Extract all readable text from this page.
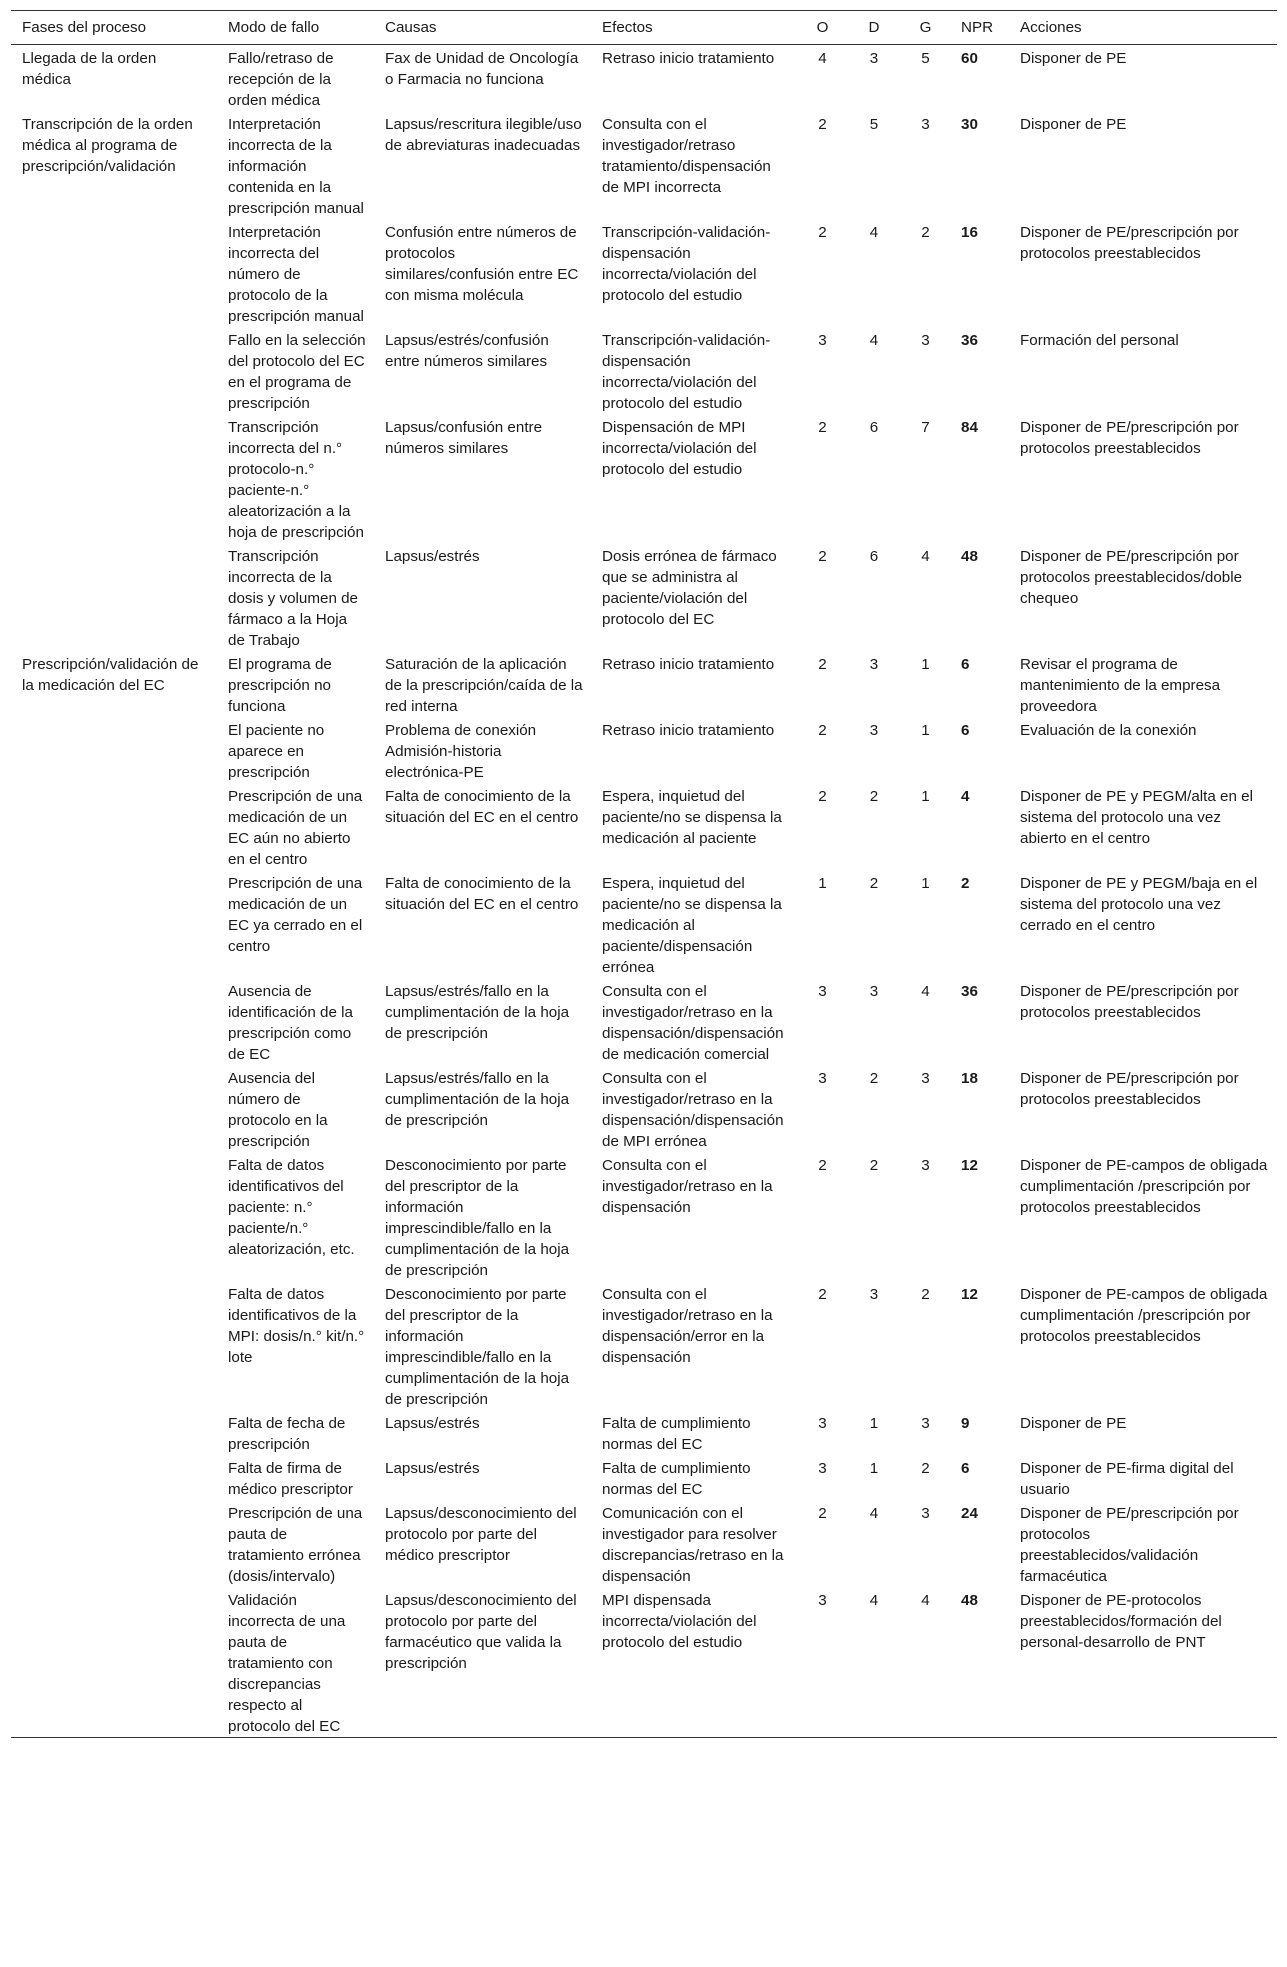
Fases del proceso	Modo de fallo	Causas	Efectos	O	D	G	NPR	Acciones
Llegada de la orden médica	Fallo/retraso de recepción de la orden médica	Fax de Unidad de Oncología o Farmacia no funciona	Retraso inicio tratamiento	4	3	5	60	Disponer de PE
Transcripción de la orden médica al programa de prescripción/validación	Interpretación incorrecta de la información contenida en la prescripción manual	Lapsus/rescritura ilegible/uso de abreviaturas inadecuadas	Consulta con el investigador/retraso tratamiento/dispensación de MPI incorrecta	2	5	3	30	Disponer de PE
	Interpretación incorrecta del número de protocolo de la prescripción manual	Confusión entre números de protocolos similares/confusión entre EC con misma molécula	Transcripción-validación-dispensación incorrecta/violación del protocolo del estudio	2	4	2	16	Disponer de PE/prescripción por protocolos preestablecidos
	Fallo en la selección del protocolo del EC en el programa de prescripción	Lapsus/estrés/confusión entre números similares	Transcripción-validación-dispensación incorrecta/violación del protocolo del estudio	3	4	3	36	Formación del personal
	Transcripción incorrecta del n.° protocolo-n.° paciente-n.° aleatorización a la hoja de prescripción	Lapsus/confusión entre números similares	Dispensación de MPI incorrecta/violación del protocolo del estudio	2	6	7	84	Disponer de PE/prescripción por protocolos preestablecidos
	Transcripción incorrecta de la dosis y volumen de fármaco a la Hoja de Trabajo	Lapsus/estrés	Dosis errónea de fármaco que se administra al paciente/violación del protocolo del EC	2	6	4	48	Disponer de PE/prescripción por protocolos preestablecidos/doble chequeo
Prescripción/validación de la medicación del EC	El programa de prescripción no funciona	Saturación de la aplicación de la prescripción/caída de la red interna	Retraso inicio tratamiento	2	3	1	6	Revisar el programa de mantenimiento de la empresa proveedora
	El paciente no aparece en prescripción	Problema de conexión Admisión-historia electrónica-PE	Retraso inicio tratamiento	2	3	1	6	Evaluación de la conexión
	Prescripción de una medicación de un EC aún no abierto en el centro	Falta de conocimiento de la situación del EC en el centro	Espera, inquietud del paciente/no se dispensa la medicación al paciente	2	2	1	4	Disponer de PE y PEGM/alta en el sistema del protocolo una vez abierto en el centro
	Prescripción de una medicación de un EC ya cerrado en el centro	Falta de conocimiento de la situación del EC en el centro	Espera, inquietud del paciente/no se dispensa la medicación al paciente/dispensación errónea	1	2	1	2	Disponer de PE y PEGM/baja en el sistema del protocolo una vez cerrado en el centro
	Ausencia de identificación de la prescripción como de EC	Lapsus/estrés/fallo en la cumplimentación de la hoja de prescripción	Consulta con el investigador/retraso en la dispensación/dispensación de medicación comercial	3	3	4	36	Disponer de PE/prescripción por protocolos preestablecidos
	Ausencia del número de protocolo en la prescripción	Lapsus/estrés/fallo en la cumplimentación de la hoja de prescripción	Consulta con el investigador/retraso en la dispensación/dispensación de MPI errónea	3	2	3	18	Disponer de PE/prescripción por protocolos preestablecidos
	Falta de datos identificativos del paciente: n.° paciente/n.° aleatorización, etc.	Desconocimiento por parte del prescriptor de la información imprescindible/fallo en la cumplimentación de la hoja de prescripción	Consulta con el investigador/retraso en la dispensación	2	2	3	12	Disponer de PE-campos de obligada cumplimentación /prescripción por protocolos preestablecidos
	Falta de datos identificativos de la MPI: dosis/n.° kit/n.° lote	Desconocimiento por parte del prescriptor de la información imprescindible/fallo en la cumplimentación de la hoja de prescripción	Consulta con el investigador/retraso en la dispensación/error en la dispensación	2	3	2	12	Disponer de PE-campos de obligada cumplimentación /prescripción por protocolos preestablecidos
	Falta de fecha de prescripción	Lapsus/estrés	Falta de cumplimiento normas del EC	3	1	3	9	Disponer de PE
	Falta de firma de médico prescriptor	Lapsus/estrés	Falta de cumplimiento normas del EC	3	1	2	6	Disponer de PE-firma digital del usuario
	Prescripción de una pauta de tratamiento errónea (dosis/intervalo)	Lapsus/desconocimiento del protocolo por parte del médico prescriptor	Comunicación con el investigador para resolver discrepancias/retraso en la dispensación	2	4	3	24	Disponer de PE/prescripción por protocolos preestablecidos/validación farmacéutica
	Validación incorrecta de una pauta de tratamiento con discrepancias respecto al protocolo del EC	Lapsus/desconocimiento del protocolo por parte del farmacéutico que valida la prescripción	MPI dispensada incorrecta/violación del protocolo del estudio	3	4	4	48	Disponer de PE-protocolos preestablecidos/formación del personal-desarrollo de PNT
